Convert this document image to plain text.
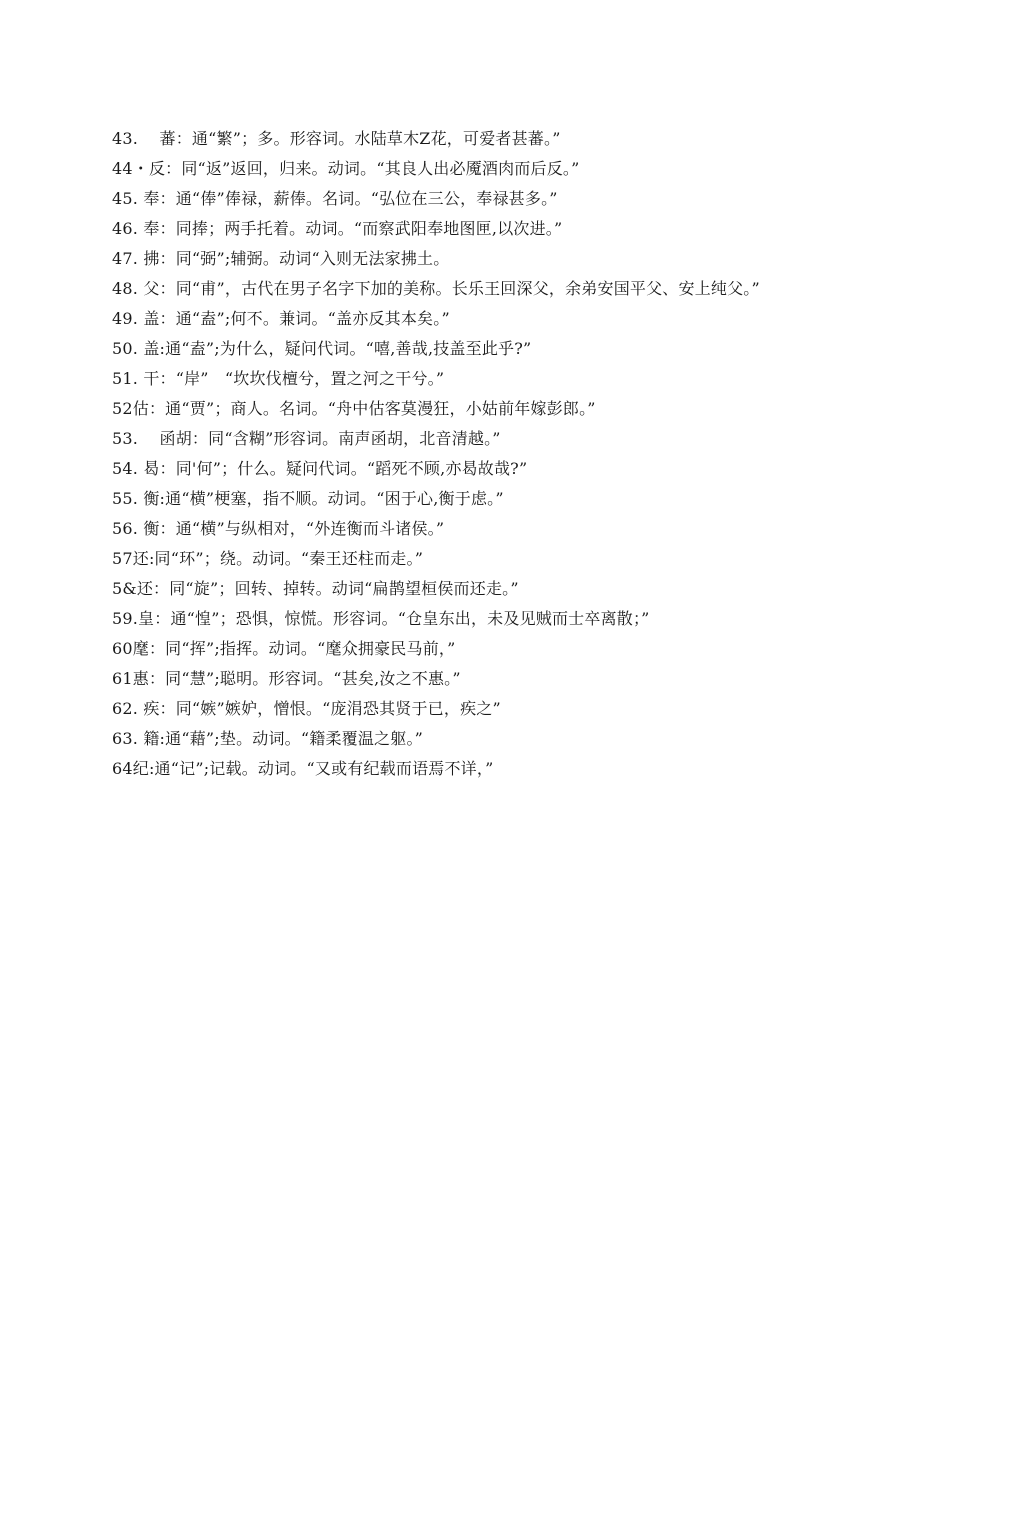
43.　 蕃：通“繁”；多。形容词。水陆草木Z花，可爱者甚蕃。”
44・反：同“返”返回，归来。动词。“其良人出必魇酒肉而后反。”
45. 奉：通“俸”俸禄，薪俸。名词。“弘位在三公，奉禄甚多。”
46. 奉：同捧；两手托着。动词。“而察武阳奉地图匣,以次进。”
47. 拂：同“弼”;辅弼。动词“入则无法家拂土。
48. 父：同“甫”，古代在男子名字下加的美称。长乐王回深父，余弟安国平父、安上纯父。”
49. 盖：通“盍”;何不。兼词。“盖亦反其本矣。”
50. 盖:通“盍”;为什么，疑问代词。“嘻,善哉,技盖至此乎?”
51. 干：“岸”　“坎坎伐檀兮，置之河之干兮。”
52估：通“贾”；商人。名词。“舟中估客莫漫狂，小姑前年嫁彭郎。”
53.　 函胡：同“含糊”形容词。南声函胡，北音清越。”
54. 曷：同'何”；什么。疑问代词。“蹈死不顾,亦曷故哉?”
55. 衡:通“横”梗塞，指不顺。动词。“困于心,衡于虑。”
56. 衡：通“横”与纵相对，“外连衡而斗诸侯。”
57还:同“环”；绕。动词。“秦王还柱而走。”
5&还：同“旋”；回转、掉转。动词“扁鹊望桓侯而还走。”
59.皇：通“惶”；恐惧，惊慌。形容词。“仓皇东出，未及见贼而士卒离散；”
60麾：同“挥”;指挥。动词。“麾众拥豪民马前，”
61惠：同“慧”;聪明。形容词。“甚矣,汝之不惠。”
62. 疾：同“嫉”嫉妒，憎恨。“庞涓恐其贤于已，疾之”
63. 籍:通“藉”;垫。动词。“籍柔覆温之躯。”
64纪:通“记”;记载。动词。“又或有纪载而语焉不详，”
